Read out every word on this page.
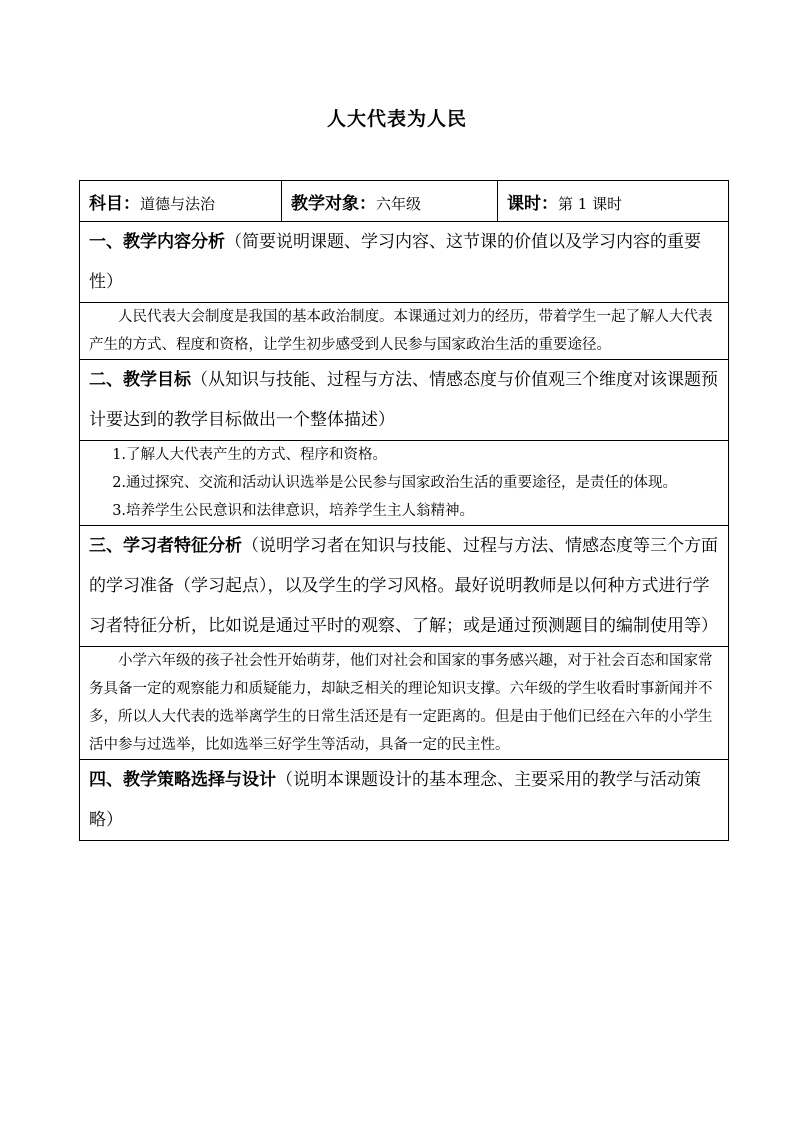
人大代表为人民
科目：道德与法治	教学对象：六年级	课时：第 1 课时
一、教学内容分析（简要说明课题、学习内容、这节课的价值以及学习内容的重要性）

人民代表大会制度是我国的基本政治制度。本课通过刘力的经历，带着学生一起了解人大代表产生的方式、程度和资格，让学生初步感受到人民参与国家政治生活的重要途径。

二、教学目标（从知识与技能、过程与方法、情感态度与价值观三个维度对该课题预计要达到的教学目标做出一个整体描述）

1.了解人大代表产生的方式、程序和资格。

2.通过探究、交流和活动认识选举是公民参与国家政治生活的重要途径，是责任的体现。

3.培养学生公民意识和法律意识，培养学生主人翁精神。

三、学习者特征分析（说明学习者在知识与技能、过程与方法、情感态度等三个方面的学习准备（学习起点），以及学生的学习风格。最好说明教师是以何种方式进行学习者特征分析，比如说是通过平时的观察、了解；或是通过预测题目的编制使用等）

小学六年级的孩子社会性开始萌芽，他们对社会和国家的事务感兴趣，对于社会百态和国家常务具备一定的观察能力和质疑能力，却缺乏相关的理论知识支撑。六年级的学生收看时事新闻并不多，所以人大代表的选举离学生的日常生活还是有一定距离的。但是由于他们已经在六年的小学生活中参与过选举，比如选举三好学生等活动，具备一定的民主性。

四、教学策略选择与设计（说明本课题设计的基本理念、主要采用的教学与活动策略）
